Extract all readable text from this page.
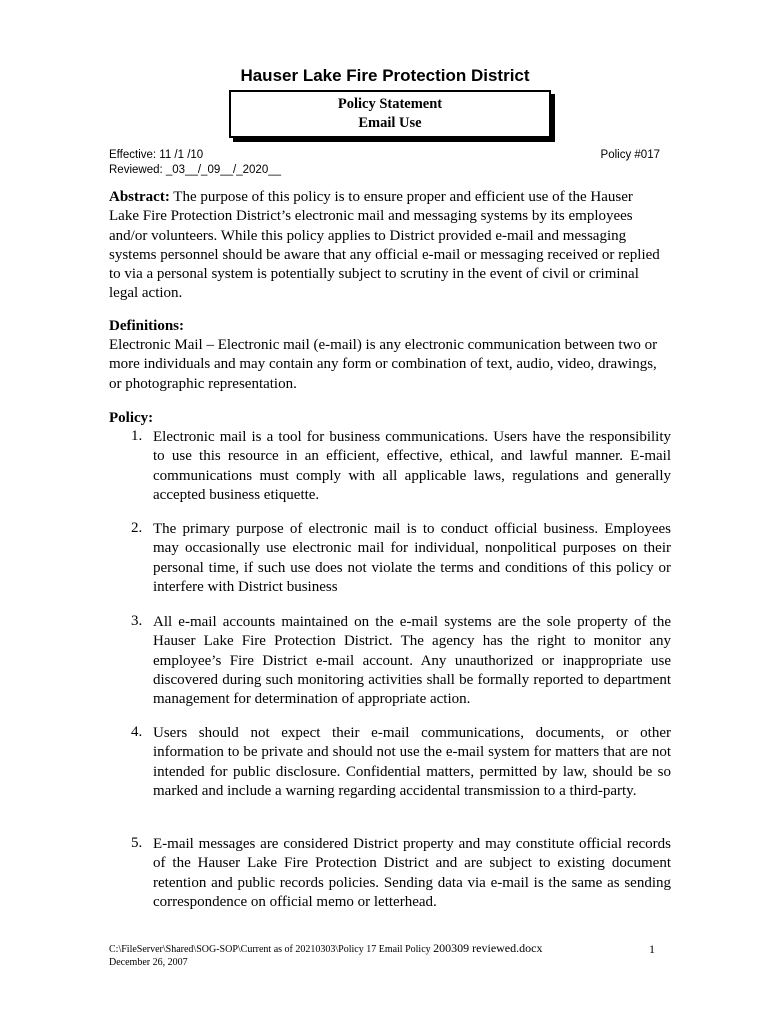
Hauser Lake Fire Protection District
Policy Statement
Email Use
Effective: 11 /1 /10
Reviewed: _03__/_09__/_2020__
Policy #017
Abstract: The purpose of this policy is to ensure proper and efficient use of the Hauser Lake Fire Protection District’s electronic mail and messaging systems by its employees and/or volunteers. While this policy applies to District provided e-mail and messaging systems personnel should be aware that any official e-mail or messaging received or replied to via a personal system is potentially subject to scrutiny in the event of civil or criminal legal action.
Definitions:
Electronic Mail – Electronic mail (e-mail) is any electronic communication between two or more individuals and may contain any form or combination of text, audio, video, drawings, or photographic representation.
Policy:
1. Electronic mail is a tool for business communications. Users have the responsibility to use this resource in an efficient, effective, ethical, and lawful manner. E-mail communications must comply with all applicable laws, regulations and generally accepted business etiquette.
2. The primary purpose of electronic mail is to conduct official business. Employees may occasionally use electronic mail for individual, nonpolitical purposes on their personal time, if such use does not violate the terms and conditions of this policy or interfere with District business
3. All e-mail accounts maintained on the e-mail systems are the sole property of the Hauser Lake Fire Protection District. The agency has the right to monitor any employee’s Fire District e-mail account. Any unauthorized or inappropriate use discovered during such monitoring activities shall be formally reported to department management for determination of appropriate action.
4. Users should not expect their e-mail communications, documents, or other information to be private and should not use the e-mail system for matters that are not intended for public disclosure. Confidential matters, permitted by law, should be so marked and include a warning regarding accidental transmission to a third-party.
5. E-mail messages are considered District property and may constitute official records of the Hauser Lake Fire Protection District and are subject to existing document retention and public records policies. Sending data via e-mail is the same as sending correspondence on official memo or letterhead.
C:\FileServer\Shared\SOG-SOP\Current as of 20210303\Policy 17 Email Policy 200309 reviewed.docx
December 26, 2007
1
